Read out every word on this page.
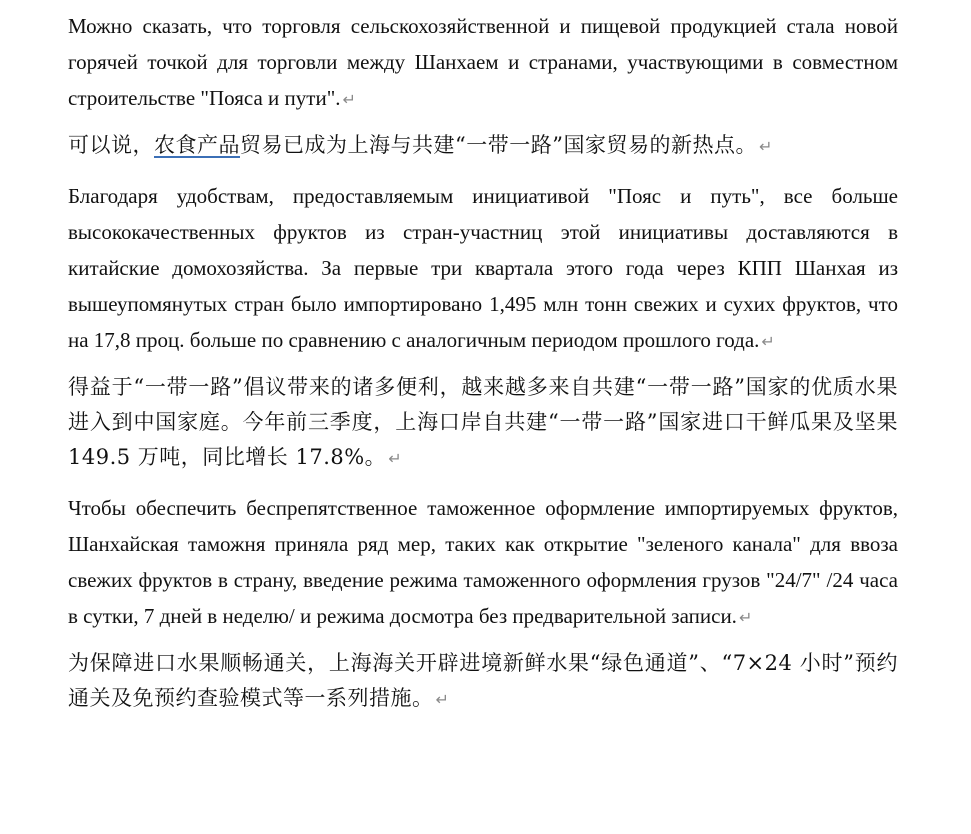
Можно сказать, что торговля сельскохозяйственной и пищевой продукцией стала новой горячей точкой для торговли между Шанхаем и странами, участвующими в совместном строительстве "Пояса и пути". ↵

可以说，农食产品贸易已成为上海与共建“一带一路”国家贸易的新热点。 ↵

Благодаря удобствам, предоставляемым инициативой "Пояс и путь", все больше высококачественных фруктов из стран-участниц этой инициативы доставляются в китайские домохозяйства. За первые три квартала этого года через КПП Шанхая из вышеупомянутых стран было импортировано 1,495 млн тонн свежих и сухих фруктов, что на 17,8 проц. больше по сравнению с аналогичным периодом прошлого года. ↵

得益于“一带一路”倡议带来的诸多便利，越来越多来自共建“一带一路”国家的优质水果进入到中国家庭。今年前三季度，上海口岸自共建“一带一路”国家进口干鲜瓜果及坚果 149.5 万吨，同比增长 17.8%。 ↵

Чтобы обеспечить беспрепятственное таможенное оформление импортируемых фруктов, Шанхайская таможня приняла ряд мер, таких как открытие "зеленого канала" для ввоза свежих фруктов в страну, введение режима таможенного оформления грузов "24/7" /24 часа в сутки, 7 дней в неделю/ и режима досмотра без предварительной записи. ↵

为保障进口水果顺畅通关，上海海关开辟进境新鲜水果“绿色通道”、“7×24 小时”预约通关及免预约查验模式等一系列措施。 ↵
